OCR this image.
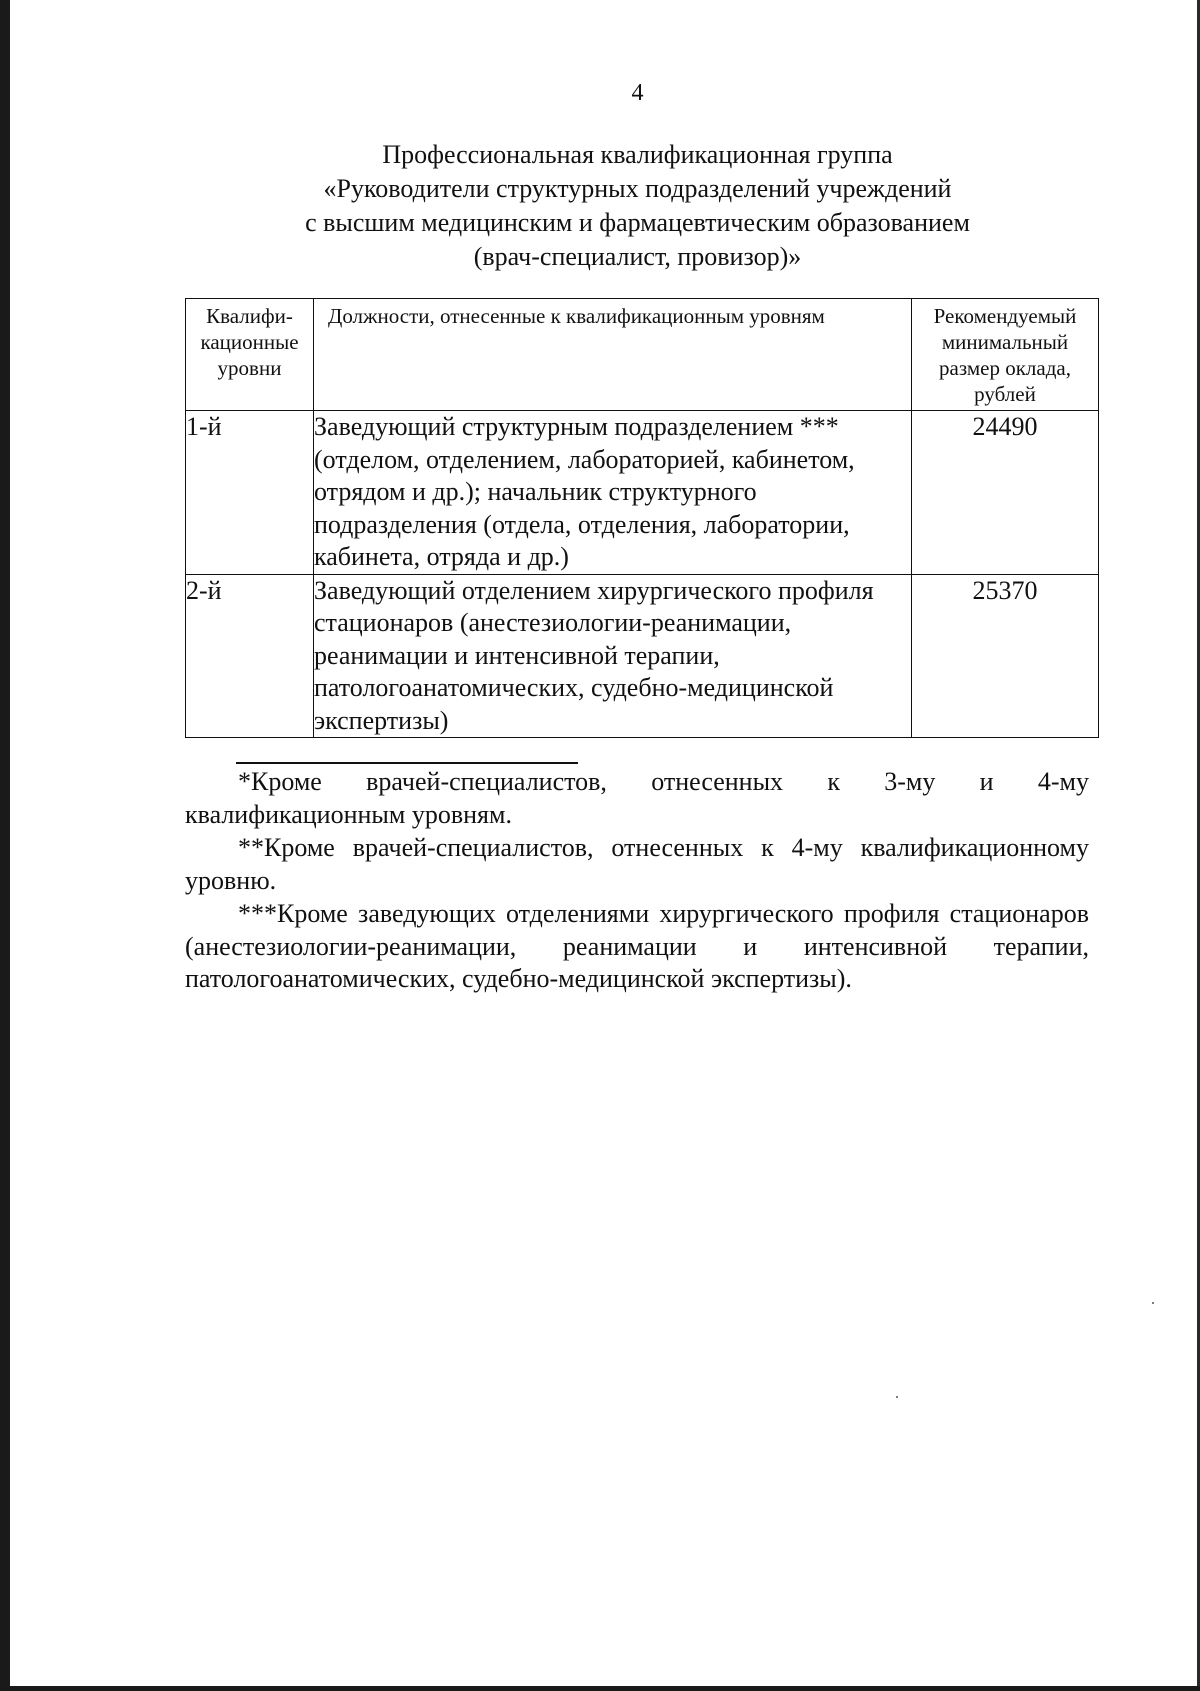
4
Профессиональная квалификационная группа
«Руководители структурных подразделений учреждений
с высшим медицинским и фармацевтическим образованием
(врач-специалист, провизор)»
Квалифи-кационные уровни	Должности, отнесенные к квалификационным уровням	Рекомендуемый минимальный размер оклада, рублей
1-й	Заведующий структурным подразделением *** (отделом, отделением, лабораторией, кабинетом, отрядом и др.); начальник структурного подразделения (отдела, отделения, лаборатории, кабинета, отряда и др.)	24490
2-й	Заведующий отделением хирургического профиля стационаров (анестезиологии-реанимации, реанимации и интенсивной терапии, патологоанатомических, судебно-медицинской экспертизы)	25370

*Кроме врачей-специалистов, отнесенных к 3-му и 4-му квалификационным уровням.

**Кроме врачей-специалистов, отнесенных к 4-му квалификационному уровню.

***Кроме заведующих отделениями хирургического профиля стационаров (анестезиологии-реанимации, реанимации и интенсивной терапии, патологоанатомических, судебно-медицинской экспертизы).
